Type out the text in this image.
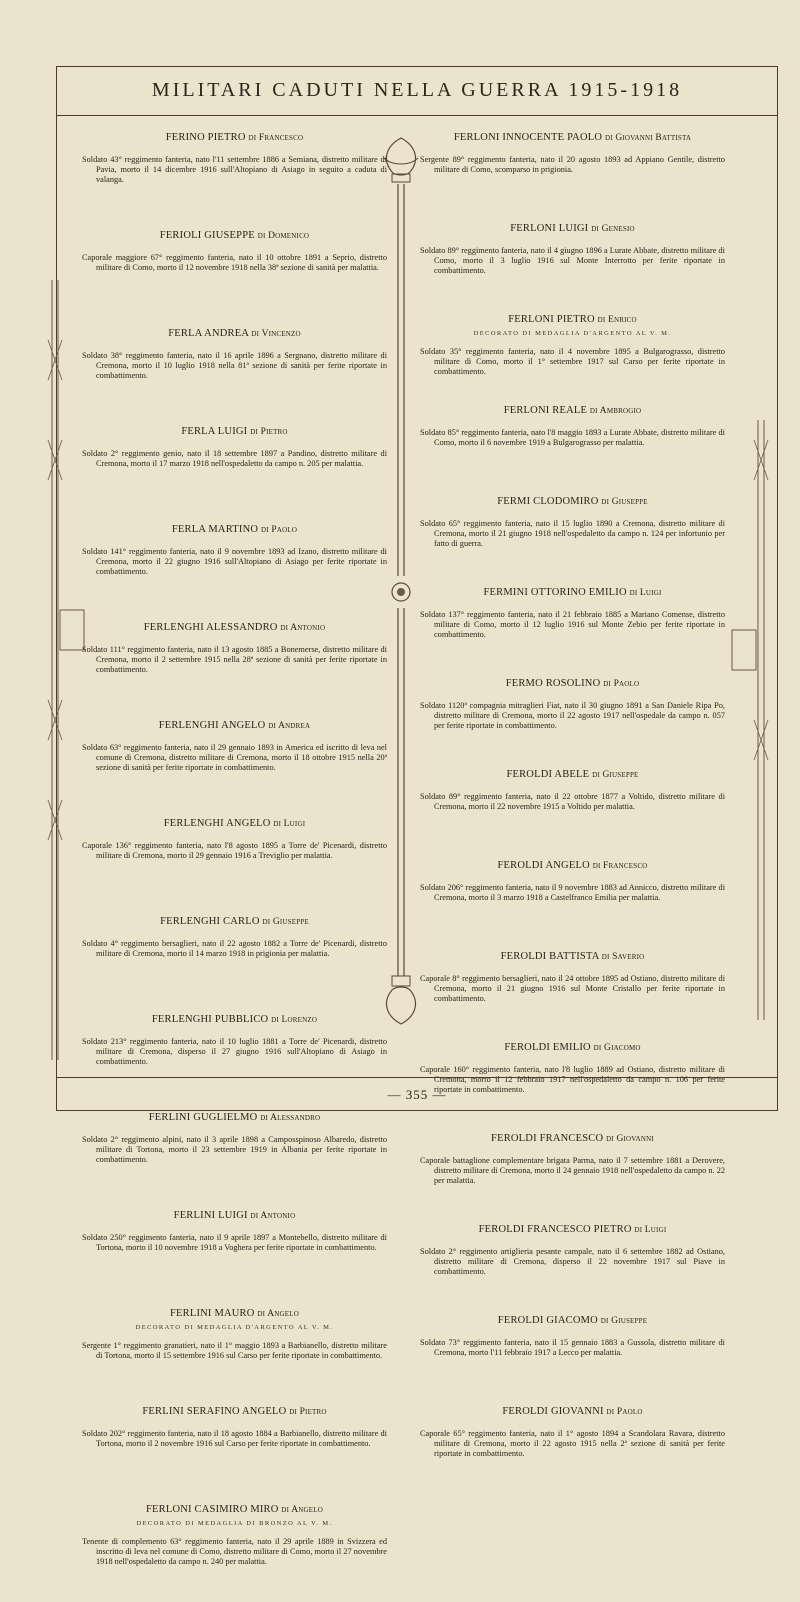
MILITARI CADUTI NELLA GUERRA 1915-1918
FERINO PIETRO di Francesco
Soldato 43° reggimento fanteria, nato l'11 settembre 1886 a Semiana, distretto militare di Pavia, morto il 14 dicembre 1916 sull'Altopiano di Asiago in seguito a caduta di valanga.
FERIOLI GIUSEPPE di Domenico
Caporale maggiore 67° reggimento fanteria, nato il 10 ottobre 1891 a Seprio, distretto militare di Como, morto il 12 novembre 1918 nella 38ª sezione di sanità per malattia.
FERLA ANDREA di Vincenzo
Soldato 38° reggimento fanteria, nato il 16 aprile 1896 a Sergnano, distretto militare di Cremona, morto il 10 luglio 1918 nella 81ª sezione di sanità per ferite riportate in combattimento.
FERLA LUIGI di Pietro
Soldato 2° reggimento genio, nato il 18 settembre 1897 a Pandino, distretto militare di Cremona, morto il 17 marzo 1918 nell'ospedaletto da campo n. 205 per malattia.
FERLA MARTINO di Paolo
Soldato 141° reggimento fanteria, nato il 9 novembre 1893 ad Izano, distretto militare di Cremona, morto il 22 giugno 1916 sull'Altopiano di Asiago per ferite riportate in combattimento.
FERLENGHI ALESSANDRO di Antonio
Soldato 111° reggimento fanteria, nato il 13 agosto 1885 a Bonemerse, distretto militare di Cremona, morto il 2 settembre 1915 nella 28ª sezione di sanità per ferite riportate in combattimento.
FERLENGHI ANGELO di Andrea
Soldato 63° reggimento fanteria, nato il 29 gennaio 1893 in America ed iscritto di leva nel comune di Cremona, distretto militare di Cremona, morto il 18 ottobre 1915 nella 20ª sezione di sanità per ferite riportate in combattimento.
FERLENGHI ANGELO di Luigi
Caporale 136° reggimento fanteria, nato l'8 agosto 1895 a Torre de' Picenardi, distretto militare di Cremona, morto il 29 gennaio 1916 a Treviglio per malattia.
FERLENGHI CARLO di Giuseppe
Soldato 4° reggimento bersaglieri, nato il 22 agosto 1882 a Torre de' Picenardi, distretto militare di Cremona, morto il 14 marzo 1918 in prigionia per malattia.
FERLENGHI PUBBLICO di Lorenzo
Soldato 213° reggimento fanteria, nato il 10 luglio 1881 a Torre de' Picenardi, distretto militare di Cremona, disperso il 27 giugno 1916 sull'Altopiano di Asiago in combattimento.
FERLINI GUGLIELMO di Alessandro
Soldato 2° reggimento alpini, nato il 3 aprile 1898 a Camposspinoso Albaredo, distretto militare di Tortona, morto il 23 settembre 1919 in Albania per ferite riportate in combattimento.
FERLINI LUIGI di Antonio
Soldato 250° reggimento fanteria, nato il 9 aprile 1897 a Montebello, distretto militare di Tortona, morto il 10 novembre 1918 a Voghera per ferite riportate in combattimento.
FERLINI MAURO di Angelo
DECORATO DI MEDAGLIA D'ARGENTO AL V. M.
Sergente 1° reggimento granatieri, nato il 1° maggio 1893 a Barbianello, distretto militare di Tortona, morto il 15 settembre 1916 sul Carso per ferite riportate in combattimento.
FERLINI SERAFINO ANGELO di Pietro
Soldato 202° reggimento fanteria, nato il 18 agosto 1884 a Barbianello, distretto militare di Tortona, morto il 2 novembre 1916 sul Carso per ferite riportate in combattimento.
FERLONI CASIMIRO MIRO di Angelo
DECORATO DI MEDAGLIA DI BRONZO AL V. M.
Tenente di complemento 63° reggimento fanteria, nato il 29 aprile 1889 in Svizzera ed inscritto di leva nel comune di Como, distretto militare di Como, morto il 27 novembre 1918 nell'ospedaletto da campo n. 240 per malattia.
FERLONI INNOCENTE PAOLO di Giovanni Battista
Sergente 89° reggimento fanteria, nato il 20 agosto 1893 ad Appiano Gentile, distretto militare di Como, scomparso in prigionia.
FERLONI LUIGI di Genesio
Soldato 89° reggimento fanteria, nato il 4 giugno 1896 a Lurate Abbate, distretto militare di Como, morto il 3 luglio 1916 sul Monte Interrotto per ferite riportate in combattimento.
FERLONI PIETRO di Enrico
DECORATO DI MEDAGLIA D'ARGENTO AL V. M.
Soldato 35° reggimento fanteria, nato il 4 novembre 1895 a Bulgarograsso, distretto militare di Como, morto il 1° settembre 1917 sul Carso per ferite riportate in combattimento.
FERLONI REALE di Ambrogio
Soldato 85° reggimento fanteria, nato l'8 maggio 1893 a Lurate Abbate, distretto militare di Como, morto il 6 novembre 1919 a Bulgarograsso per malattia.
FERMI CLODOMIRO di Giuseppe
Soldato 65° reggimento fanteria, nato il 15 luglio 1890 a Cremona, distretto militare di Cremona, morto il 21 giugno 1918 nell'ospedaletto da campo n. 124 per infortunio per fatto di guerra.
FERMINI OTTORINO EMILIO di Luigi
Soldato 137° reggimento fanteria, nato il 21 febbraio 1885 a Mariano Comense, distretto militare di Como, morto il 12 luglio 1916 sul Monte Zebio per ferite riportate in combattimento.
FERMO ROSOLINO di Paolo
Soldato 1120ª compagnia mitraglieri Fiat, nato il 30 giugno 1891 a San Daniele Ripa Po, distretto militare di Cremona, morto il 22 agosto 1917 nell'ospedale da campo n. 057 per ferite riportate in combattimento.
FEROLDI ABELE di Giuseppe
Soldato 89° reggimento fanteria, nato il 22 ottobre 1877 a Voltido, distretto militare di Cremona, morto il 22 novembre 1915 a Voltido per malattia.
FEROLDI ANGELO di Francesco
Soldato 206° reggimento fanteria, nato il 9 novembre 1883 ad Annicco, distretto militare di Cremona, morto il 3 marzo 1918 a Castelfranco Emilia per malattia.
FEROLDI BATTISTA di Saverio
Caporale 8° reggimento bersaglieri, nato il 24 ottobre 1895 ad Ostiano, distretto militare di Cremona, morto il 21 giugno 1916 sul Monte Cristallo per ferite riportate in combattimento.
FEROLDI EMILIO di Giacomo
Caporale 160° reggimento fanteria, nato l'8 luglio 1889 ad Ostiano, distretto militare di Cremona, morto il 12 febbraio 1917 nell'ospedaletto da campo n. 106 per ferite riportate in combattimento.
FEROLDI FRANCESCO di Giovanni
Caporale battaglione complementare brigata Parma, nato il 7 settembre 1881 a Derovere, distretto militare di Cremona, morto il 24 gennaio 1918 nell'ospedaletto da campo n. 22 per malattia.
FEROLDI FRANCESCO PIETRO di Luigi
Soldato 2° reggimento artiglieria pesante campale, nato il 6 settembre 1882 ad Ostiano, distretto militare di Cremona, disperso il 22 novembre 1917 sul Piave in combattimento.
FEROLDI GIACOMO di Giuseppe
Soldato 73° reggimento fanteria, nato il 15 gennaio 1883 a Gussola, distretto militare di Cremona, morto l'11 febbraio 1917 a Lecco per malattia.
FEROLDI GIOVANNI di Paolo
Caporale 65° reggimento fanteria, nato il 1° agosto 1894 a Scandolara Ravara, distretto militare di Cremona, morto il 22 agosto 1915 nella 2ª sezione di sanità per ferite riportate in combattimento.
— 355 —
